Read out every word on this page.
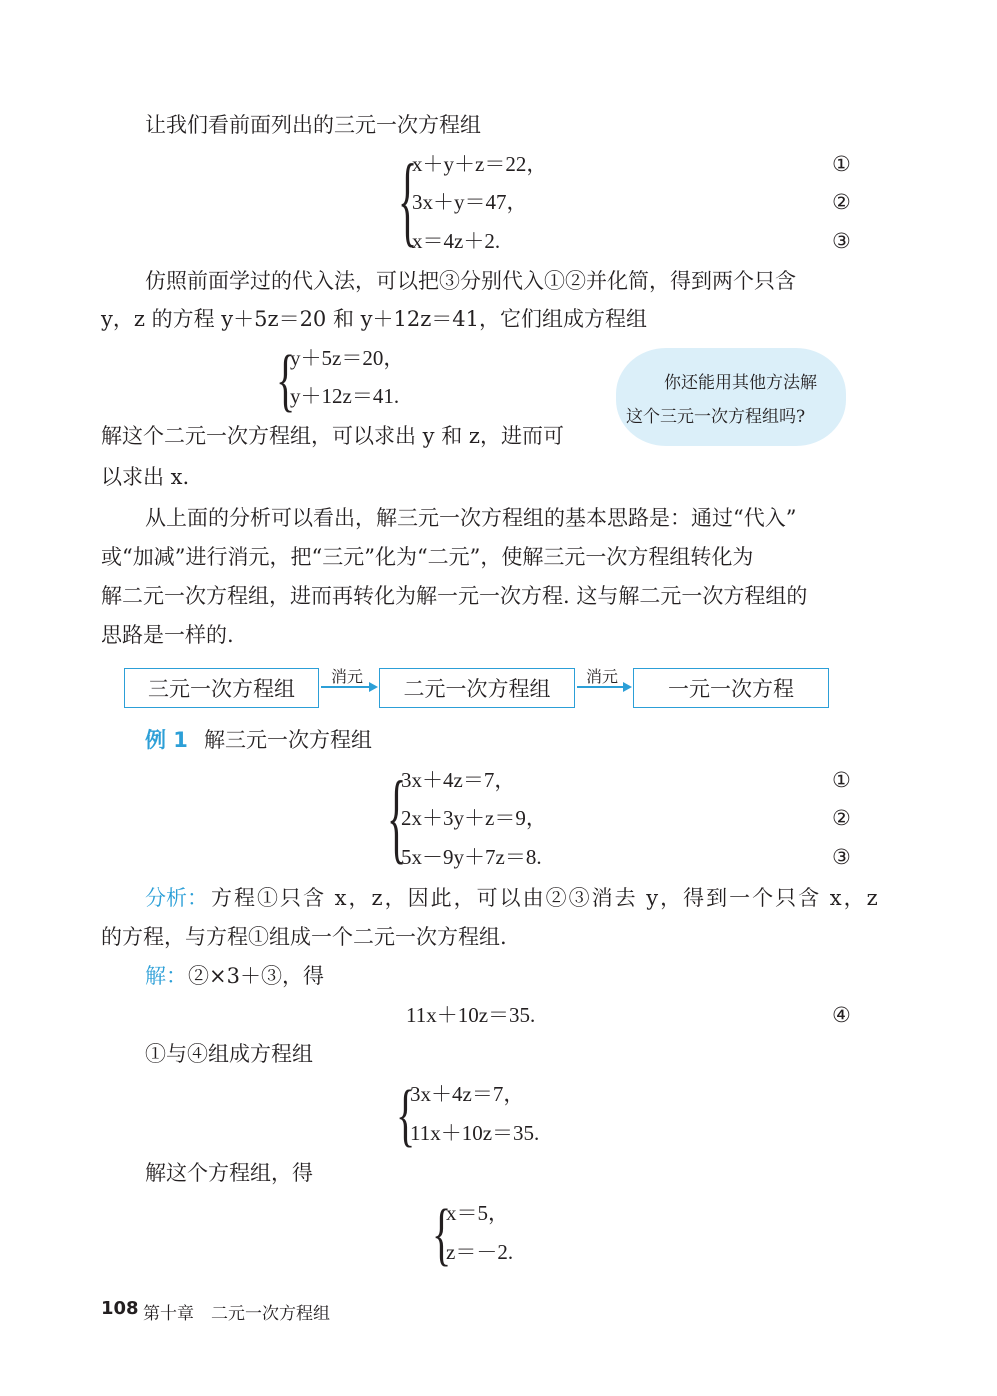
让我们看前面列出的三元一次方程组
{
x＋y＋z＝22，
3x＋y＝47，
x＝4z＋2.
①
②
③
仿照前面学过的代入法，可以把③分别代入①②并化简，得到两个只含
y，z 的方程 y＋5z＝20 和 y＋12z＝41，它们组成方程组
{
y＋5z＝20，
y＋12z＝41.
你还能用其他方法解
这个三元一次方程组吗?
解这个二元一次方程组，可以求出 y 和 z，进而可
以求出 x.
从上面的分析可以看出，解三元一次方程组的基本思路是：通过“代入”
或“加减”进行消元，把“三元”化为“二元”，使解三元一次方程组转化为
解二元一次方程组，进而再转化为解一元一次方程. 这与解二元一次方程组的
思路是一样的.
三元一次方程组
消元
二元一次方程组
消元
一元一次方程
例 1 解三元一次方程组
{
3x＋4z＝7，
2x＋3y＋z＝9，
5x－9y＋7z＝8.
①
②
③
分析： 方程①只含 x，z，因此，可以由②③消去 y，得到一个只含 x，z
的方程，与方程①组成一个二元一次方程组.
解： ②×3＋③，得
11x＋10z＝35.	④
①与④组成方程组
{
3x＋4z＝7，
11x＋10z＝35.
解这个方程组，得
{
x＝5，
z＝－2.
108 第十章　二元一次方程组
